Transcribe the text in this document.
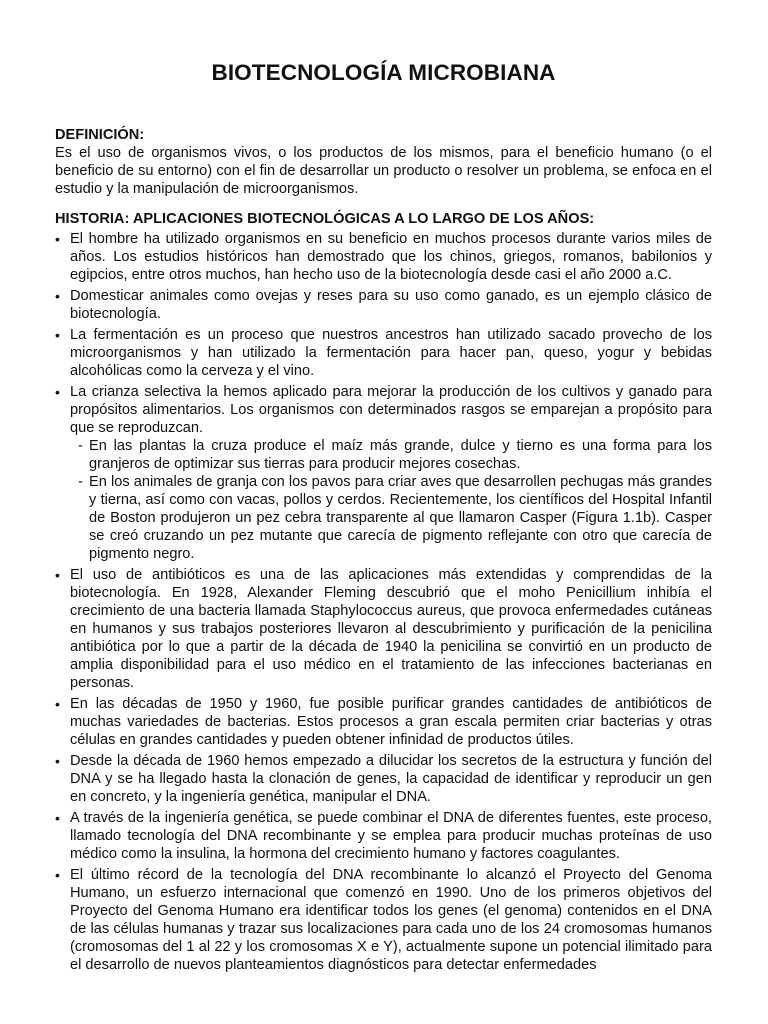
BIOTECNOLOGÍA MICROBIANA
DEFINICIÓN:

Es el uso de organismos vivos, o los productos de los mismos, para el beneficio humano (o el beneficio de su entorno) con el fin de desarrollar un producto o resolver un problema, se enfoca en el estudio y la manipulación de microorganismos.

HISTORIA: APLICACIONES BIOTECNOLÓGICAS A LO LARGO DE LOS AÑOS:
• El hombre ha utilizado organismos en su beneficio en muchos procesos durante varios miles de años. Los estudios históricos han demostrado que los chinos, griegos, romanos, babilonios y egipcios, entre otros muchos, han hecho uso de la biotecnología desde casi el año 2000 a.C.
• Domesticar animales como ovejas y reses para su uso como ganado, es un ejemplo clásico de biotecnología.
• La fermentación es un proceso que nuestros ancestros han utilizado sacado provecho de los microorganismos y han utilizado la fermentación para hacer pan, queso, yogur y bebidas alcohólicas como la cerveza y el vino.
• La crianza selectiva la hemos aplicado para mejorar la producción de los cultivos y ganado para propósitos alimentarios. Los organismos con determinados rasgos se emparejan a propósito para que se reproduzcan.
- En las plantas la cruza produce el maíz más grande, dulce y tierno es una forma para los granjeros de optimizar sus tierras para producir mejores cosechas.
- En los animales de granja con los pavos para criar aves que desarrollen pechugas más grandes y tierna, así como con vacas, pollos y cerdos. Recientemente, los científicos del Hospital Infantil de Boston produjeron un pez cebra transparente al que llamaron Casper (Figura 1.1b). Casper se creó cruzando un pez mutante que carecía de pigmento reflejante con otro que carecía de pigmento negro.
• El uso de antibióticos es una de las aplicaciones más extendidas y comprendidas de la biotecnología. En 1928, Alexander Fleming descubrió que el moho Penicillium inhibía el crecimiento de una bacteria llamada Staphylococcus aureus, que provoca enfermedades cutáneas en humanos y sus trabajos posteriores llevaron al descubrimiento y purificación de la penicilina antibiótica por lo que a partir de la década de 1940 la penicilina se convirtió en un producto de amplia disponibilidad para el uso médico en el tratamiento de las infecciones bacterianas en personas.
• En las décadas de 1950 y 1960, fue posible purificar grandes cantidades de antibióticos de muchas variedades de bacterias. Estos procesos a gran escala permiten criar bacterias y otras células en grandes cantidades y pueden obtener infinidad de productos útiles.
• Desde la década de 1960 hemos empezado a dilucidar los secretos de la estructura y función del DNA y se ha llegado hasta la clonación de genes, la capacidad de identificar y reproducir un gen en concreto, y la ingeniería genética, manipular el DNA.
• A través de la ingeniería genética, se puede combinar el DNA de diferentes fuentes, este proceso, llamado tecnología del DNA recombinante y se emplea para producir muchas proteínas de uso médico como la insulina, la hormona del crecimiento humano y factores coagulantes.
• El último récord de la tecnología del DNA recombinante lo alcanzó el Proyecto del Genoma Humano, un esfuerzo internacional que comenzó en 1990. Uno de los primeros objetivos del Proyecto del Genoma Humano era identificar todos los genes (el genoma) contenidos en el DNA de las células humanas y trazar sus localizaciones para cada uno de los 24 cromosomas humanos (cromosomas del 1 al 22 y los cromosomas X e Y), actualmente supone un potencial ilimitado para el desarrollo de nuevos planteamientos diagnósticos para detectar enfermedades
